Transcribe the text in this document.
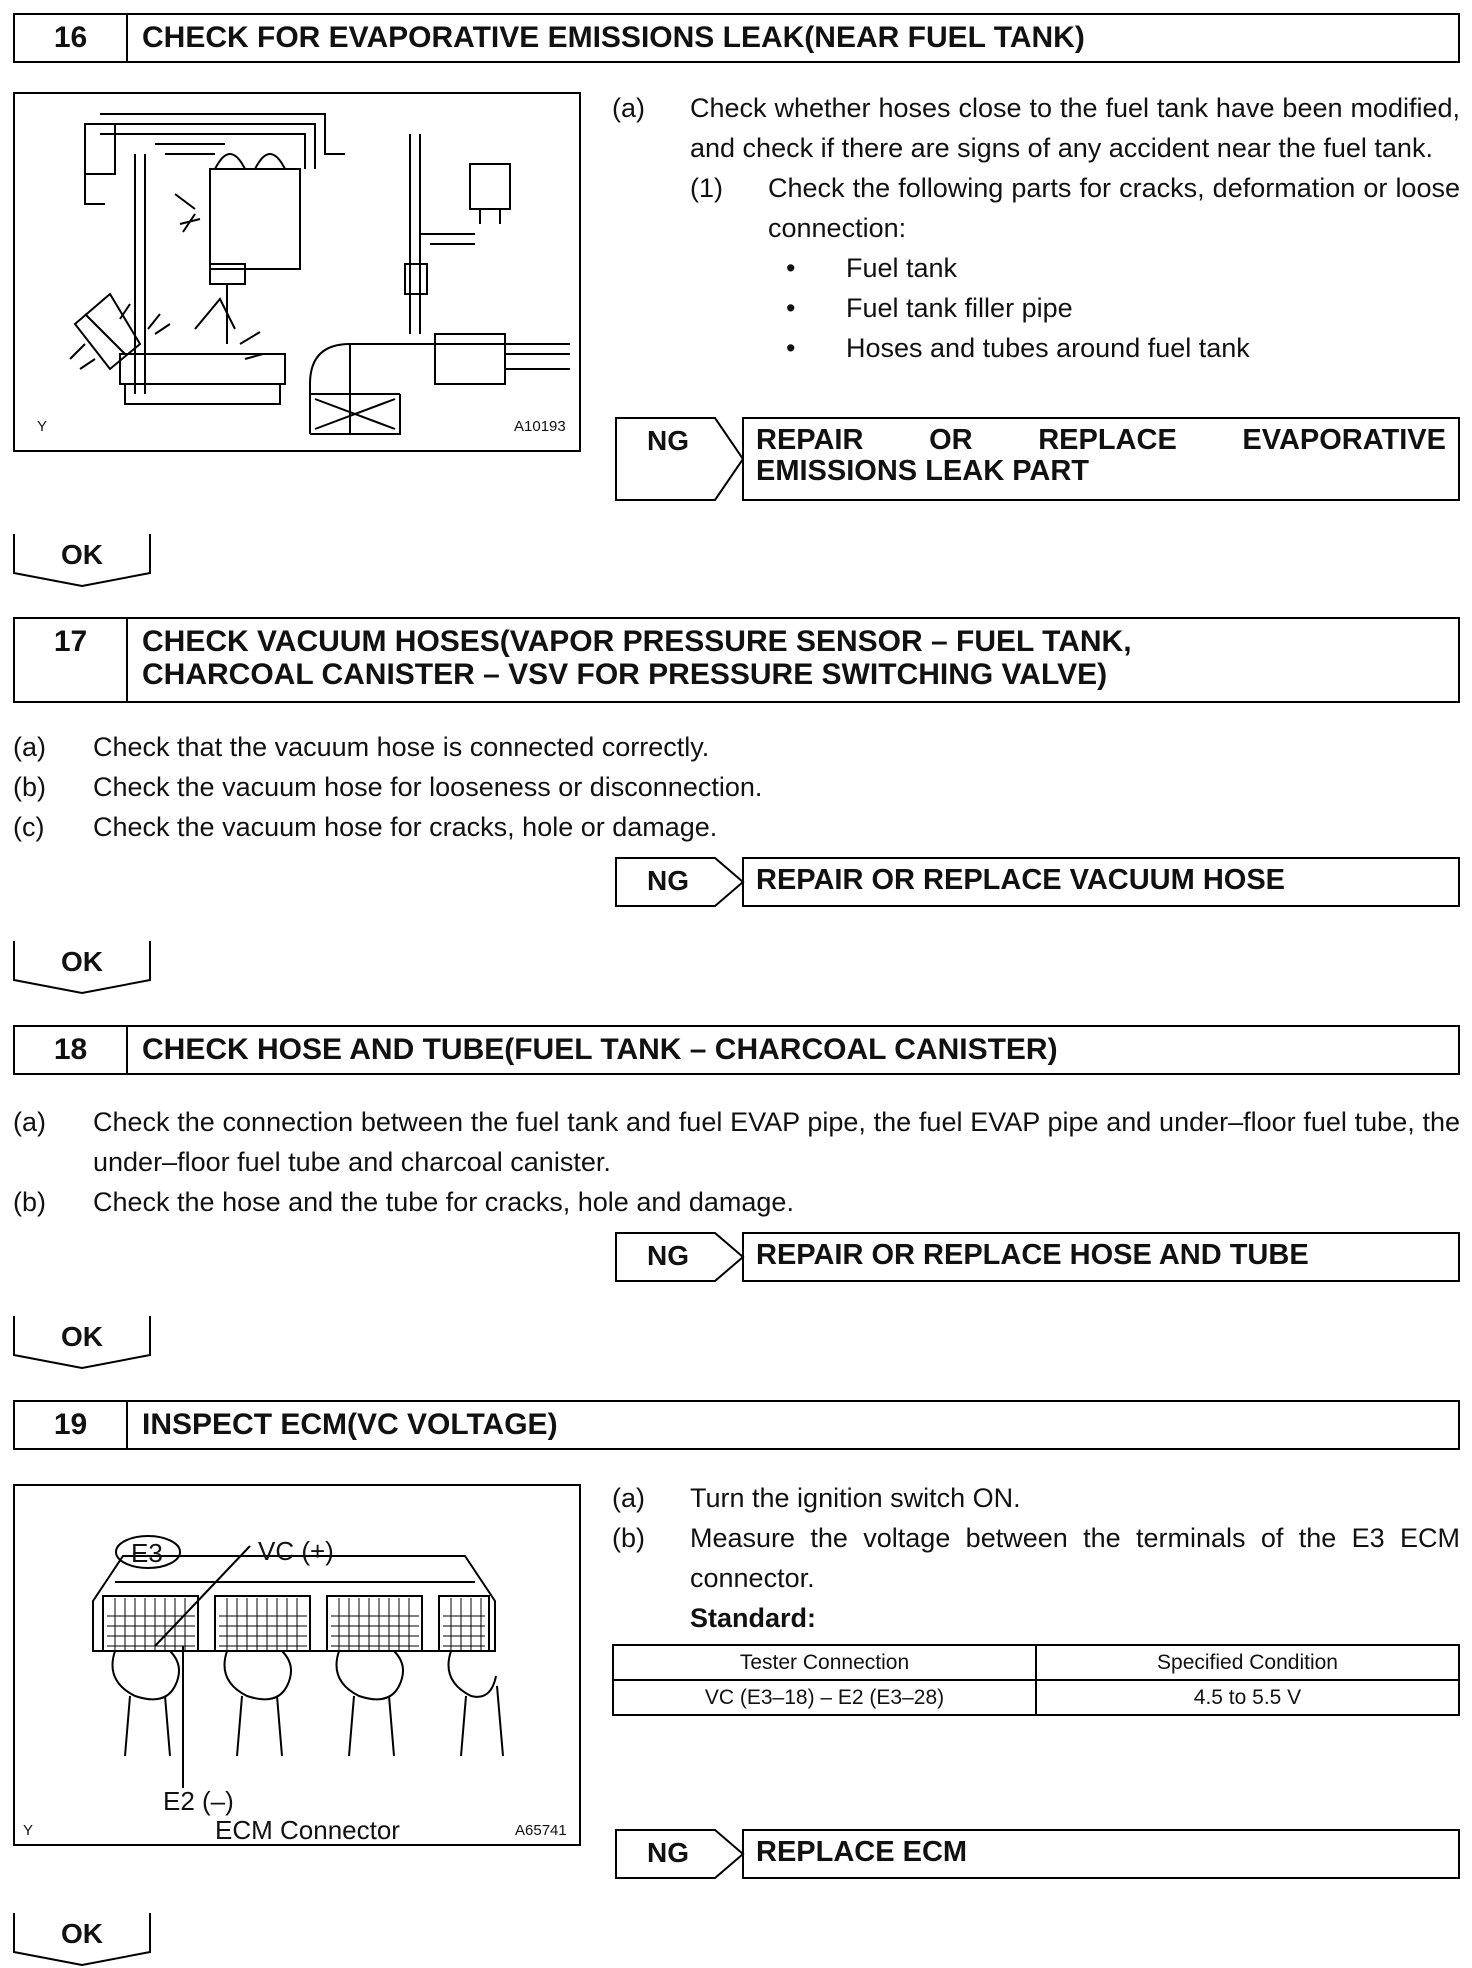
16	CHECK FOR EVAPORATIVE EMISSIONS LEAK(NEAR FUEL TANK)
Y	A10193
(a) Check whether hoses close to the fuel tank have been modified, and check if there are signs of any accident near the fuel tank.
(1) Check the following parts for cracks, deformation or loose connection:
• Fuel tank
• Fuel tank filler pipe
• Hoses and tubes around fuel tank
NG REPAIR OR REPLACE EVAPORATIVE
EMISSIONS LEAK PART
OK
17	CHECK VACUUM HOSES(VAPOR PRESSURE SENSOR – FUEL TANK,
CHARCOAL CANISTER – VSV FOR PRESSURE SWITCHING VALVE)
(a) Check that the vacuum hose is connected correctly.
(b) Check the vacuum hose for looseness or disconnection.
(c) Check the vacuum hose for cracks, hole or damage.
NG	REPAIR OR REPLACE VACUUM HOSE
OK
18	CHECK HOSE AND TUBE(FUEL TANK – CHARCOAL CANISTER)
(a) Check the connection between the fuel tank and fuel EVAP pipe, the fuel EVAP pipe and under–floor fuel tube, the under–floor fuel tube and charcoal canister.
(b) Check the hose and the tube for cracks, hole and damage.
NG	REPAIR OR REPLACE HOSE AND TUBE
OK
19	INSPECT ECM(VC VOLTAGE)
E3	VC (+)
E2 (–)
ECM Connector
Y	A65741
(a) Turn the ignition switch ON.
(b) Measure the voltage between the terminals of the E3 ECM connector.
Standard:
Tester Connection	Specified Condition
VC (E3–18) – E2 (E3–28)	4.5 to 5.5 V
NG	REPLACE ECM
OK
